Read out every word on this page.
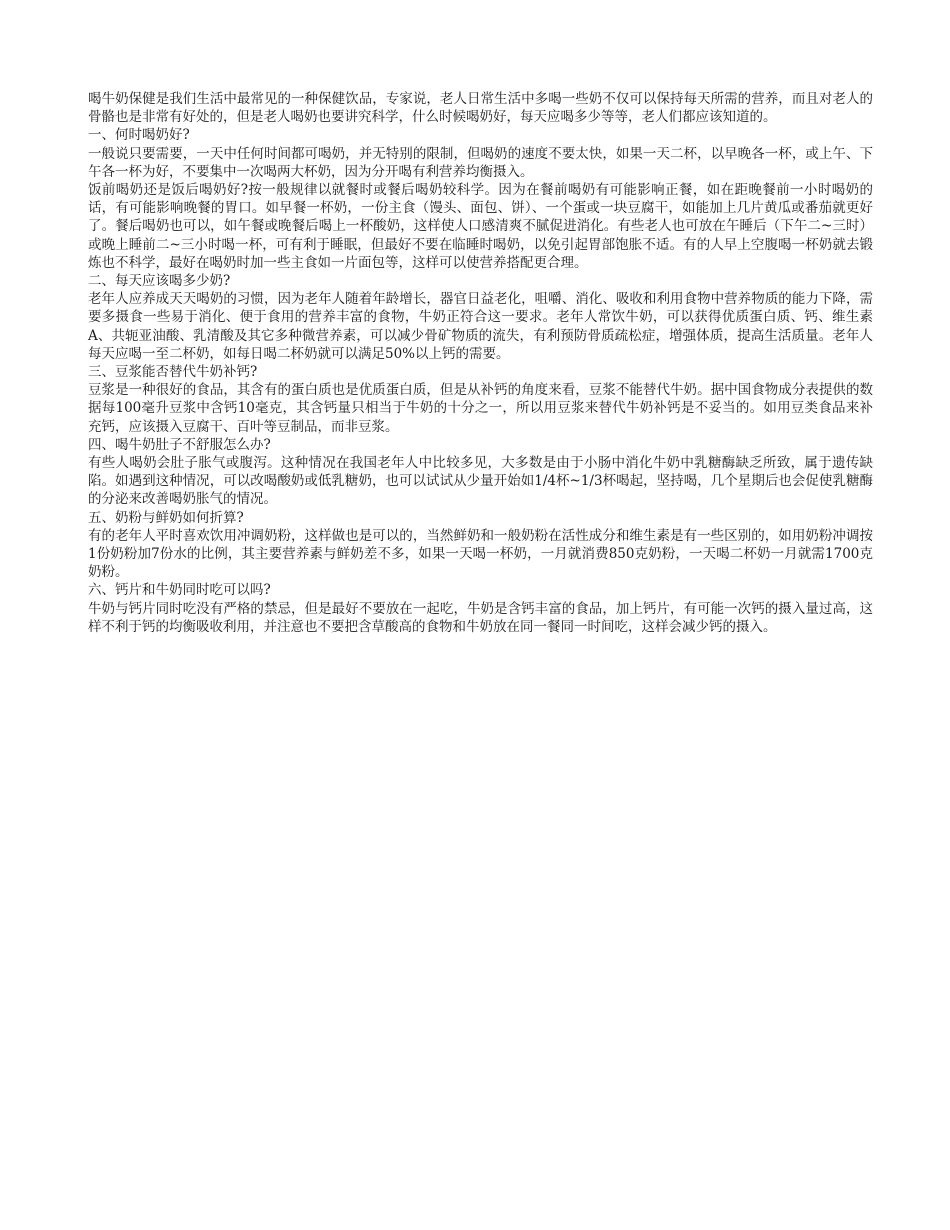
喝牛奶保健是我们生活中最常见的一种保健饮品，专家说，老人日常生活中多喝一些奶不仅可以保持每天所需的营养，而且对老人的骨骼也是非常有好处的，但是老人喝奶也要讲究科学，什么时候喝奶好，每天应喝多少等等，老人们都应该知道的。

一、何时喝奶好?

一般说只要需要，一天中任何时间都可喝奶，并无特别的限制，但喝奶的速度不要太快，如果一天二杯，以早晚各一杯，或上午、下午各一杯为好，不要集中一次喝两大杯奶，因为分开喝有利营养均衡摄入。

饭前喝奶还是饭后喝奶好?按一般规律以就餐时或餐后喝奶较科学。因为在餐前喝奶有可能影响正餐，如在距晚餐前一小时喝奶的话，有可能影响晚餐的胃口。如早餐一杯奶，一份主食（馒头、面包、饼）、一个蛋或一块豆腐干，如能加上几片黄瓜或番茄就更好了。餐后喝奶也可以，如午餐或晚餐后喝上一杯酸奶，这样使人口感清爽不腻促进消化。有些老人也可放在午睡后（下午二~三时）或晚上睡前二~三小时喝一杯，可有利于睡眠，但最好不要在临睡时喝奶，以免引起胃部饱胀不适。有的人早上空腹喝一杯奶就去锻炼也不科学，最好在喝奶时加一些主食如一片面包等，这样可以使营养搭配更合理。

二、每天应该喝多少奶?

老年人应养成天天喝奶的习惯，因为老年人随着年龄增长，器官日益老化，咀嚼、消化、吸收和利用食物中营养物质的能力下降，需要多摄食一些易于消化、便于食用的营养丰富的食物，牛奶正符合这一要求。老年人常饮牛奶，可以获得优质蛋白质、钙、维生素A、共轭亚油酸、乳清酸及其它多种微营养素，可以减少骨矿物质的流失，有利预防骨质疏松症，增强体质，提高生活质量。老年人每天应喝一至二杯奶，如每日喝二杯奶就可以满足50%以上钙的需要。

三、豆浆能否替代牛奶补钙?

豆浆是一种很好的食品，其含有的蛋白质也是优质蛋白质，但是从补钙的角度来看，豆浆不能替代牛奶。据中国食物成分表提供的数据每100毫升豆浆中含钙10毫克，其含钙量只相当于牛奶的十分之一，所以用豆浆来替代牛奶补钙是不妥当的。如用豆类食品来补充钙，应该摄入豆腐干、百叶等豆制品，而非豆浆。

四、喝牛奶肚子不舒服怎么办?

有些人喝奶会肚子胀气或腹泻。这种情况在我国老年人中比较多见，大多数是由于小肠中消化牛奶中乳糖酶缺乏所致，属于遗传缺陷。如遇到这种情况，可以改喝酸奶或低乳糖奶，也可以试试从少量开始如1/4杯~1/3杯喝起，坚持喝，几个星期后也会促使乳糖酶的分泌来改善喝奶胀气的情况。

五、奶粉与鲜奶如何折算?

有的老年人平时喜欢饮用冲调奶粉，这样做也是可以的，当然鲜奶和一般奶粉在活性成分和维生素是有一些区别的，如用奶粉冲调按1份奶粉加7份水的比例，其主要营养素与鲜奶差不多，如果一天喝一杯奶，一月就消费850克奶粉，一天喝二杯奶一月就需1700克奶粉。

六、钙片和牛奶同时吃可以吗?

牛奶与钙片同时吃没有严格的禁忌，但是最好不要放在一起吃，牛奶是含钙丰富的食品，加上钙片，有可能一次钙的摄入量过高，这样不利于钙的均衡吸收利用，并注意也不要把含草酸高的食物和牛奶放在同一餐同一时间吃，这样会减少钙的摄入。
